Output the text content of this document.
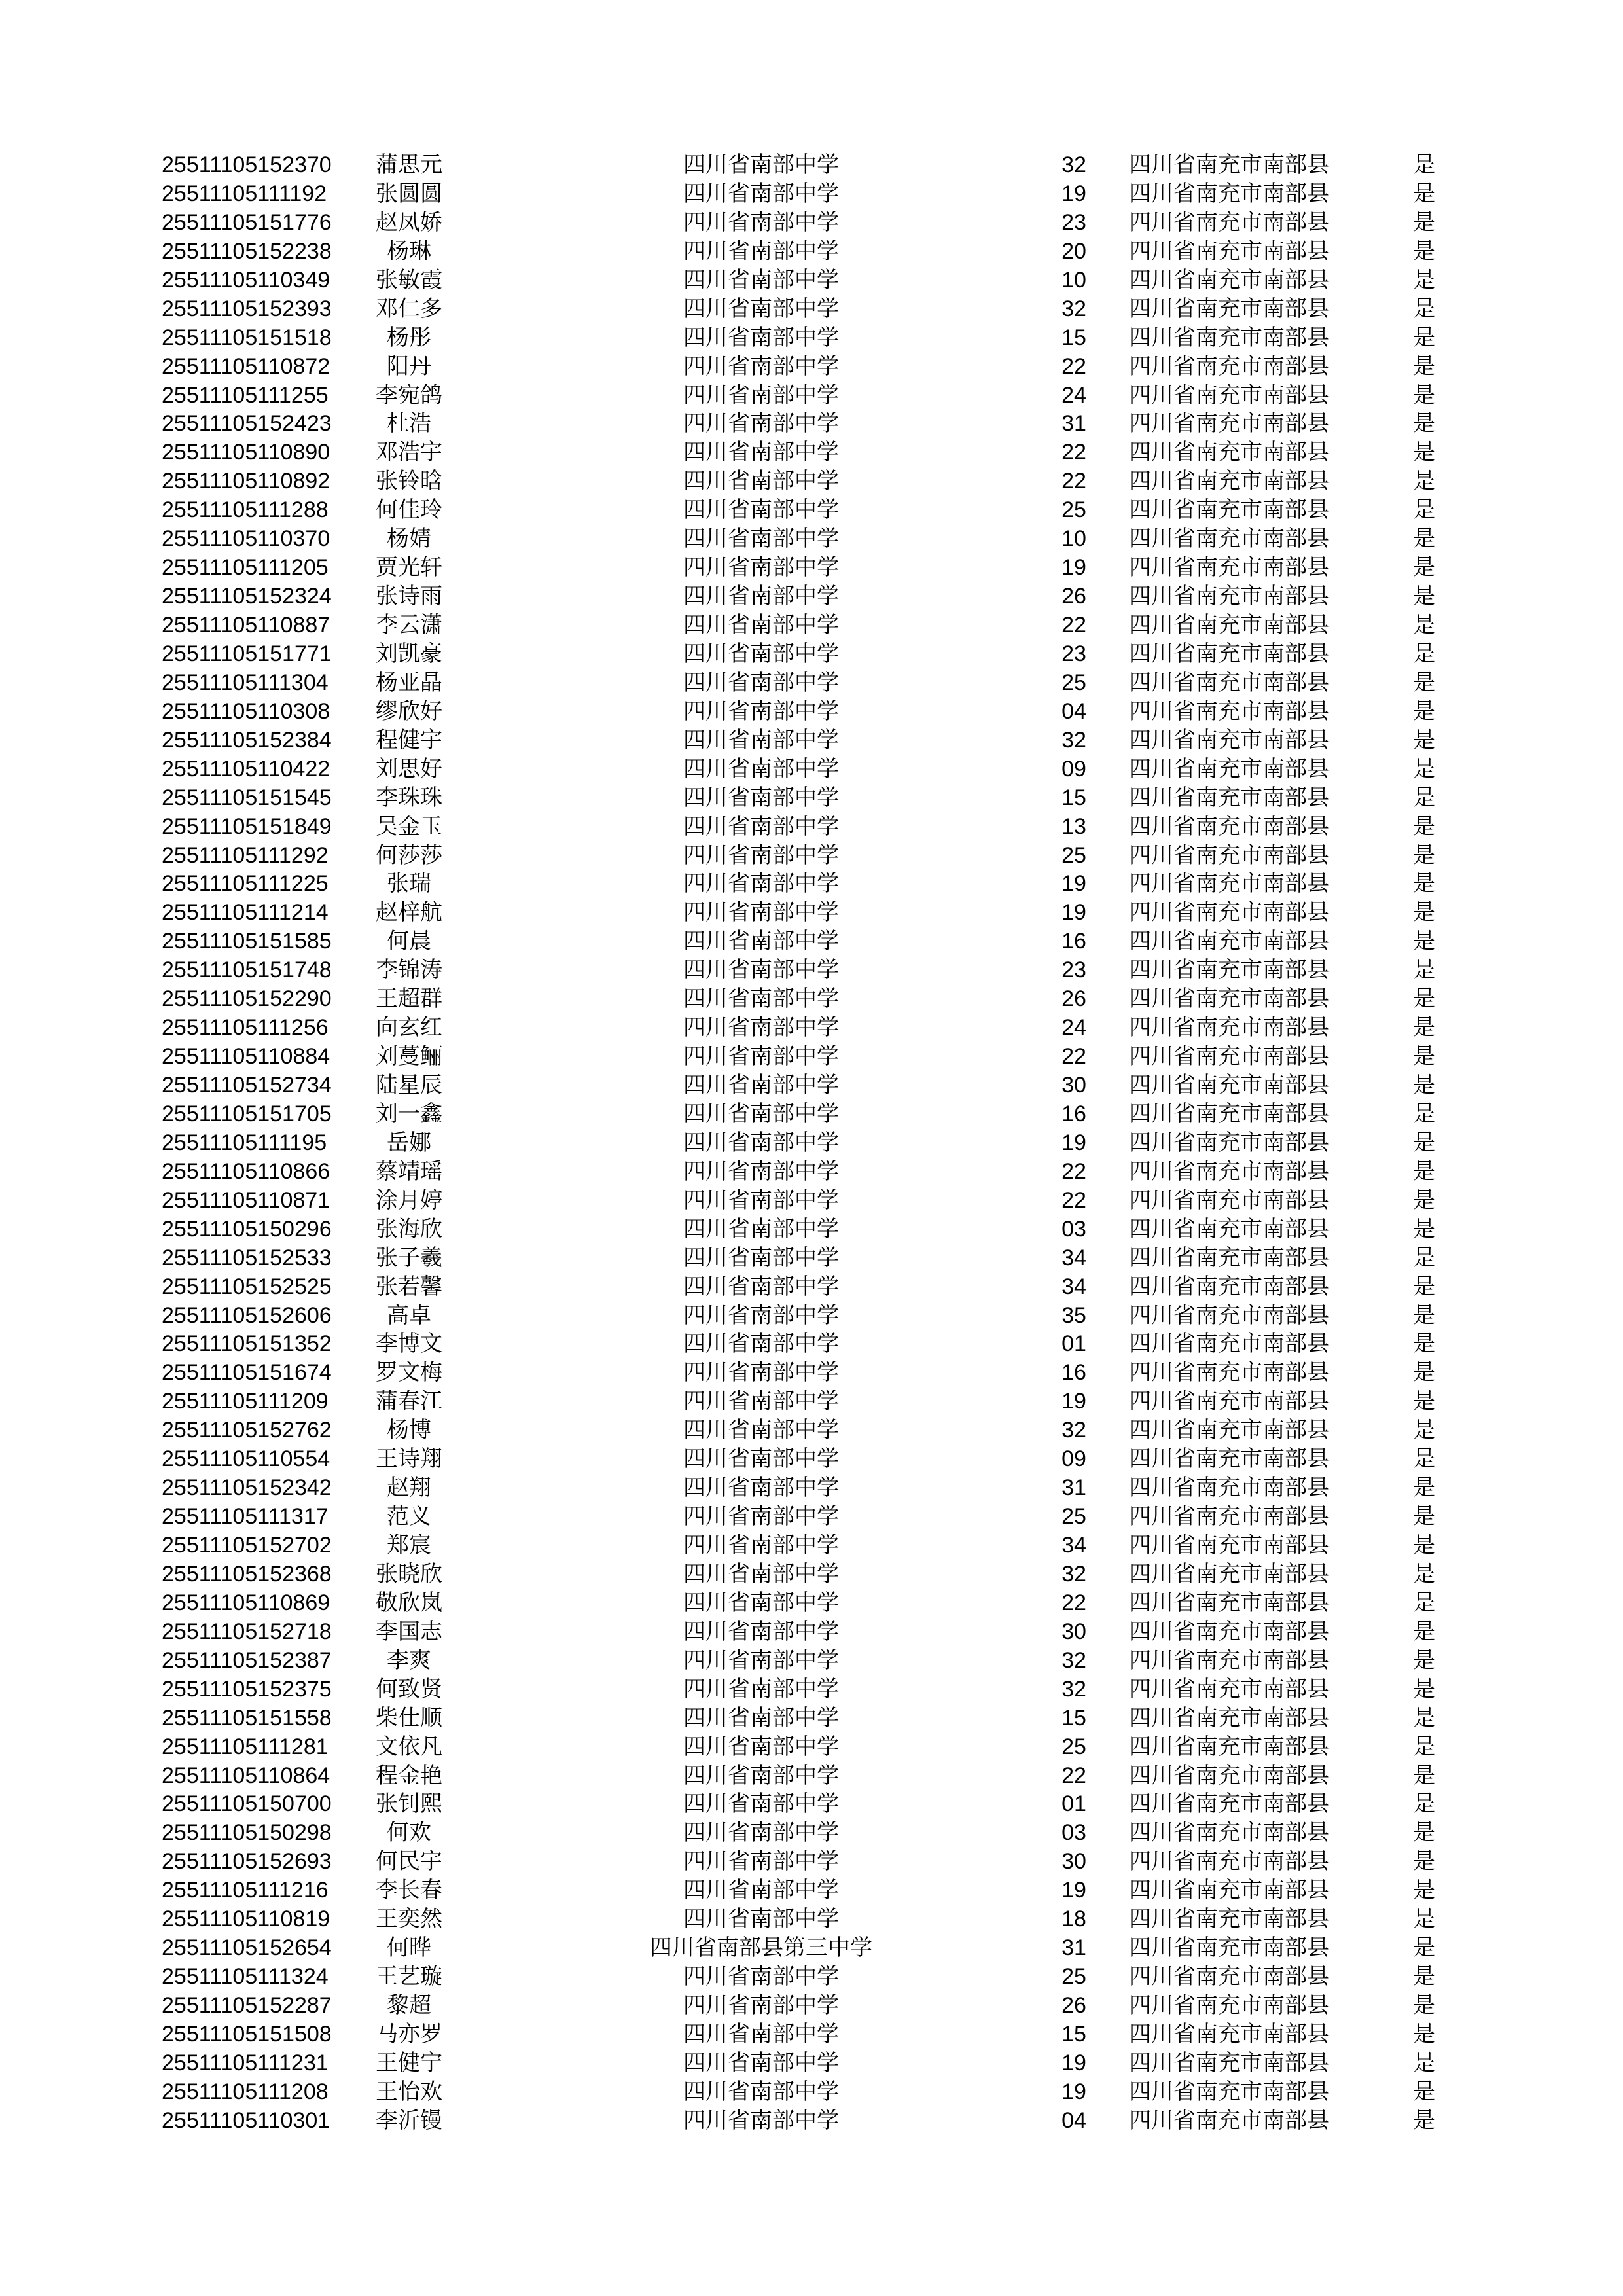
25511105152370	蒲思元	四川省南部中学	32	四川省南充市南部县	是
25511105111192	张圆圆	四川省南部中学	19	四川省南充市南部县	是
25511105151776	赵凤娇	四川省南部中学	23	四川省南充市南部县	是
25511105152238	杨琳	四川省南部中学	20	四川省南充市南部县	是
25511105110349	张敏霞	四川省南部中学	10	四川省南充市南部县	是
25511105152393	邓仁多	四川省南部中学	32	四川省南充市南部县	是
25511105151518	杨彤	四川省南部中学	15	四川省南充市南部县	是
25511105110872	阳丹	四川省南部中学	22	四川省南充市南部县	是
25511105111255	李宛鸽	四川省南部中学	24	四川省南充市南部县	是
25511105152423	杜浩	四川省南部中学	31	四川省南充市南部县	是
25511105110890	邓浩宇	四川省南部中学	22	四川省南充市南部县	是
25511105110892	张铃晗	四川省南部中学	22	四川省南充市南部县	是
25511105111288	何佳玲	四川省南部中学	25	四川省南充市南部县	是
25511105110370	杨婧	四川省南部中学	10	四川省南充市南部县	是
25511105111205	贾光轩	四川省南部中学	19	四川省南充市南部县	是
25511105152324	张诗雨	四川省南部中学	26	四川省南充市南部县	是
25511105110887	李云潇	四川省南部中学	22	四川省南充市南部县	是
25511105151771	刘凯豪	四川省南部中学	23	四川省南充市南部县	是
25511105111304	杨亚晶	四川省南部中学	25	四川省南充市南部县	是
25511105110308	缪欣好	四川省南部中学	04	四川省南充市南部县	是
25511105152384	程健宇	四川省南部中学	32	四川省南充市南部县	是
25511105110422	刘思好	四川省南部中学	09	四川省南充市南部县	是
25511105151545	李珠珠	四川省南部中学	15	四川省南充市南部县	是
25511105151849	吴金玉	四川省南部中学	13	四川省南充市南部县	是
25511105111292	何莎莎	四川省南部中学	25	四川省南充市南部县	是
25511105111225	张瑞	四川省南部中学	19	四川省南充市南部县	是
25511105111214	赵梓航	四川省南部中学	19	四川省南充市南部县	是
25511105151585	何晨	四川省南部中学	16	四川省南充市南部县	是
25511105151748	李锦涛	四川省南部中学	23	四川省南充市南部县	是
25511105152290	王超群	四川省南部中学	26	四川省南充市南部县	是
25511105111256	向玄红	四川省南部中学	24	四川省南充市南部县	是
25511105110884	刘蔓鲡	四川省南部中学	22	四川省南充市南部县	是
25511105152734	陆星辰	四川省南部中学	30	四川省南充市南部县	是
25511105151705	刘一鑫	四川省南部中学	16	四川省南充市南部县	是
25511105111195	岳娜	四川省南部中学	19	四川省南充市南部县	是
25511105110866	蔡靖瑶	四川省南部中学	22	四川省南充市南部县	是
25511105110871	涂月婷	四川省南部中学	22	四川省南充市南部县	是
25511105150296	张海欣	四川省南部中学	03	四川省南充市南部县	是
25511105152533	张子羲	四川省南部中学	34	四川省南充市南部县	是
25511105152525	张若馨	四川省南部中学	34	四川省南充市南部县	是
25511105152606	高卓	四川省南部中学	35	四川省南充市南部县	是
25511105151352	李博文	四川省南部中学	01	四川省南充市南部县	是
25511105151674	罗文梅	四川省南部中学	16	四川省南充市南部县	是
25511105111209	蒲春江	四川省南部中学	19	四川省南充市南部县	是
25511105152762	杨博	四川省南部中学	32	四川省南充市南部县	是
25511105110554	王诗翔	四川省南部中学	09	四川省南充市南部县	是
25511105152342	赵翔	四川省南部中学	31	四川省南充市南部县	是
25511105111317	范义	四川省南部中学	25	四川省南充市南部县	是
25511105152702	郑宸	四川省南部中学	34	四川省南充市南部县	是
25511105152368	张晓欣	四川省南部中学	32	四川省南充市南部县	是
25511105110869	敬欣岚	四川省南部中学	22	四川省南充市南部县	是
25511105152718	李国志	四川省南部中学	30	四川省南充市南部县	是
25511105152387	李爽	四川省南部中学	32	四川省南充市南部县	是
25511105152375	何致贤	四川省南部中学	32	四川省南充市南部县	是
25511105151558	柴仕顺	四川省南部中学	15	四川省南充市南部县	是
25511105111281	文依凡	四川省南部中学	25	四川省南充市南部县	是
25511105110864	程金艳	四川省南部中学	22	四川省南充市南部县	是
25511105150700	张钊熙	四川省南部中学	01	四川省南充市南部县	是
25511105150298	何欢	四川省南部中学	03	四川省南充市南部县	是
25511105152693	何民宇	四川省南部中学	30	四川省南充市南部县	是
25511105111216	李长春	四川省南部中学	19	四川省南充市南部县	是
25511105110819	王奕然	四川省南部中学	18	四川省南充市南部县	是
25511105152654	何晔	四川省南部县第三中学	31	四川省南充市南部县	是
25511105111324	王艺璇	四川省南部中学	25	四川省南充市南部县	是
25511105152287	黎超	四川省南部中学	26	四川省南充市南部县	是
25511105151508	马亦罗	四川省南部中学	15	四川省南充市南部县	是
25511105111231	王健宁	四川省南部中学	19	四川省南充市南部县	是
25511105111208	王怡欢	四川省南部中学	19	四川省南充市南部县	是
25511105110301	李沂镘	四川省南部中学	04	四川省南充市南部县	是
